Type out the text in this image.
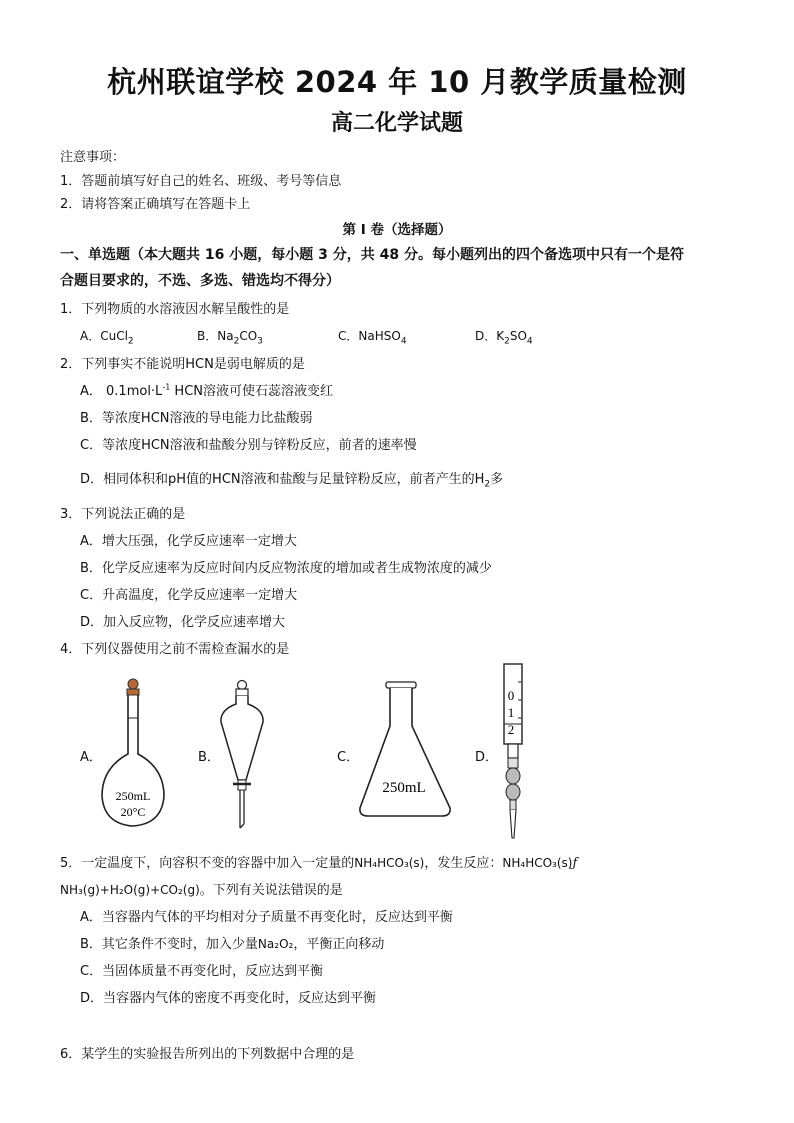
杭州联谊学校 2024 年 10 月教学质量检测
高二化学试题
注意事项：
1．答题前填写好自己的姓名、班级、考号等信息
2．请将答案正确填写在答题卡上
第 I 卷（选择题）
一、单选题（本大题共 16 小题，每小题 3 分，共 48 分。每小题列出的四个备选项中只有一个是符
合题目要求的，不选、多选、错选均不得分）
1．下列物质的水溶液因水解呈酸性的是
A．CuCl$_2$	B．$Na_2CO_3$	C．NaHSO$_4$	D．$K_2SO_4$
2．下列事实不能说明HCN是弱电解质的是
A． $0.1mol\cdot L^{-1}$ HCN溶液可使石蕊溶液变红
B．等浓度HCN溶液的导电能力比盐酸弱
C．等浓度HCN溶液和盐酸分别与锌粉反应，前者的速率慢
D．相同体积和pH值的HCN溶液和盐酸与足量锌粉反应，前者产生的$H_2$多
3．下列说法正确的是
A．增大压强，化学反应速率一定增大
B．化学反应速率为反应时间内反应物浓度的增加或者生成物浓度的减少
C．升高温度，化学反应速率一定增大
D．加入反应物，化学反应速率增大
4．下列仪器使用之前不需检查漏水的是
A．	B．	C．	D．
250mL
20°C
250mL
0
1
2
5．一定温度下，向容积不变的容器中加入一定量的NH₄HCO₃(s)，发生反应：NH₄HCO₃(s)ƒ
NH₃(g)+H₂O(g)+CO₂(g)。下列有关说法错误的是
A．当容器内气体的平均相对分子质量不再变化时，反应达到平衡
B．其它条件不变时，加入少量Na₂O₂，平衡正向移动
C．当固体质量不再变化时，反应达到平衡
D．当容器内气体的密度不再变化时，反应达到平衡
6．某学生的实验报告所列出的下列数据中合理的是
